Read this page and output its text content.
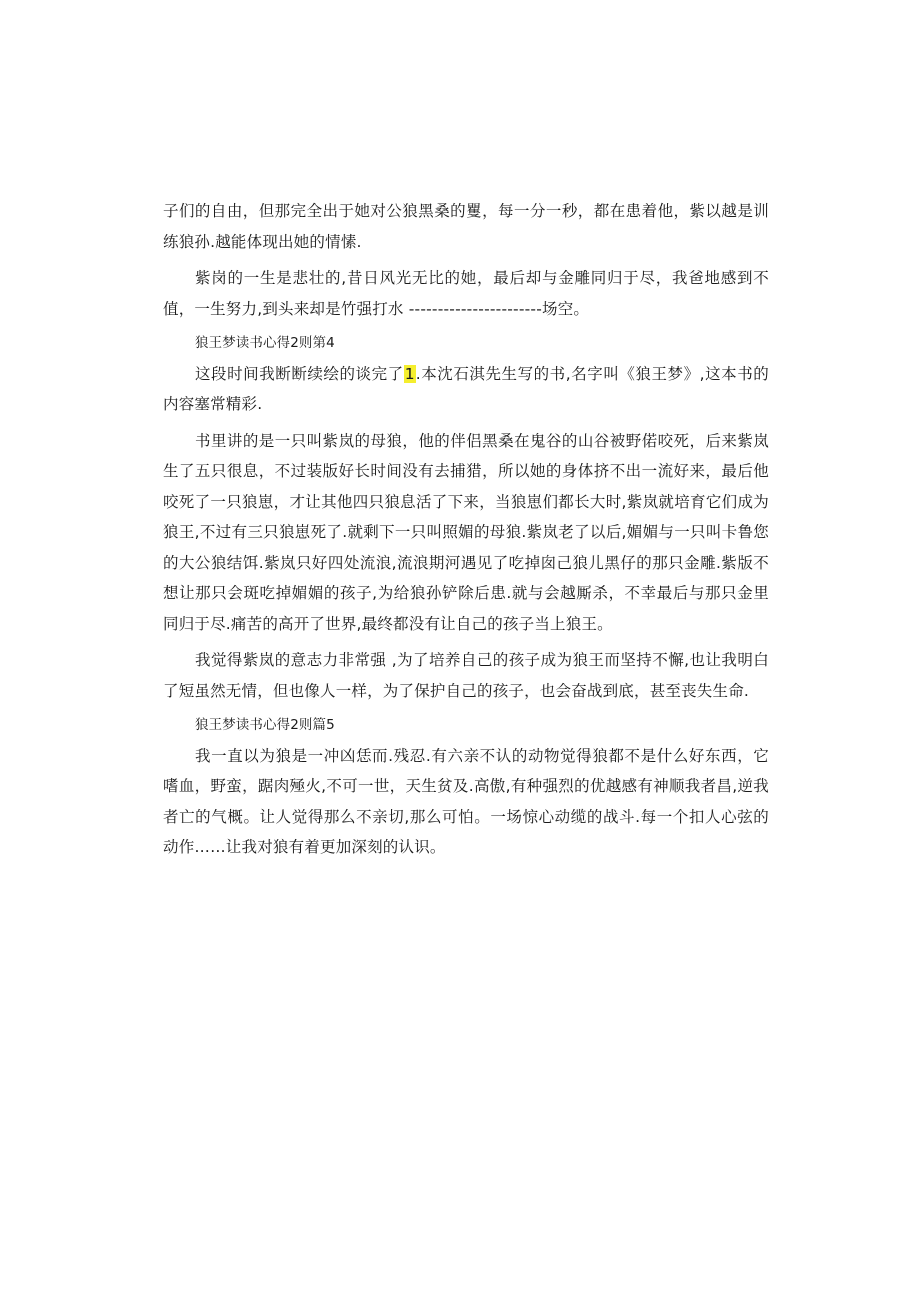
子们的自由，但那完全出于她对公狼黑桑的矍，每一分一秒，都在患着他，紫以越是训练狼孙.越能体现出她的情愫.

紫岗的一生是悲壮的,昔日风光无比的她，最后却与金雕同归于尽，我爸地感到不值，一生努力,到头来却是竹强打水 -----------------------场空。

狼王梦读书心得2则第4

这段时间我断断续绘的谈完了1.本沈石淇先生写的书,名字叫《狼王梦》,这本书的内容塞常精彩.

书里讲的是一只叫紫岚的母狼，他的伴侣黑桑在鬼谷的山谷被野偌咬死，后来紫岚生了五只很息，不过装版好长时间没有去捕猎，所以她的身体挤不出一流好来，最后他咬死了一只狼崽，才让其他四只狼息活了下来，当狼崽们都长大时,紫岚就培育它们成为狼王,不过有三只狼崽死了.就剩下一只叫照媚的母狼.紫岚老了以后,媚媚与一只叫卡鲁您的大公狼结饵.紫岚只好四处流浪,流浪期河遇见了吃掉囱己狼儿黑仔的那只金雕.紫版不想让那只会斑吃掉媚媚的孩子,为给狼孙铲除后患.就与会越厮杀，不幸最后与那只金里同归于尽.痛苦的高开了世界,最终都没有让自己的孩子当上狼王。

我觉得紫岚的意志力非常强 ,为了培养自己的孩子成为狼王而坚持不懈,也让我明白了短虽然无情，但也像人一样，为了保护自己的孩子，也会奋战到底，甚至丧失生命.

狼王梦读书心得2则篇5

我一直以为狼是一冲凶恁而.残忍.有六亲不认的动物觉得狼都不是什么好东西，它嗜血，野蛮，踞肉殛火,不可一世，天生贫及.高傲,有种强烈的优越感有神顺我者昌,逆我者亡的气概。让人觉得那么不亲切,那么可怕。一场惊心动缆的战斗.每一个扣人心弦的动作……让我对狼有着更加深刻的认识。
